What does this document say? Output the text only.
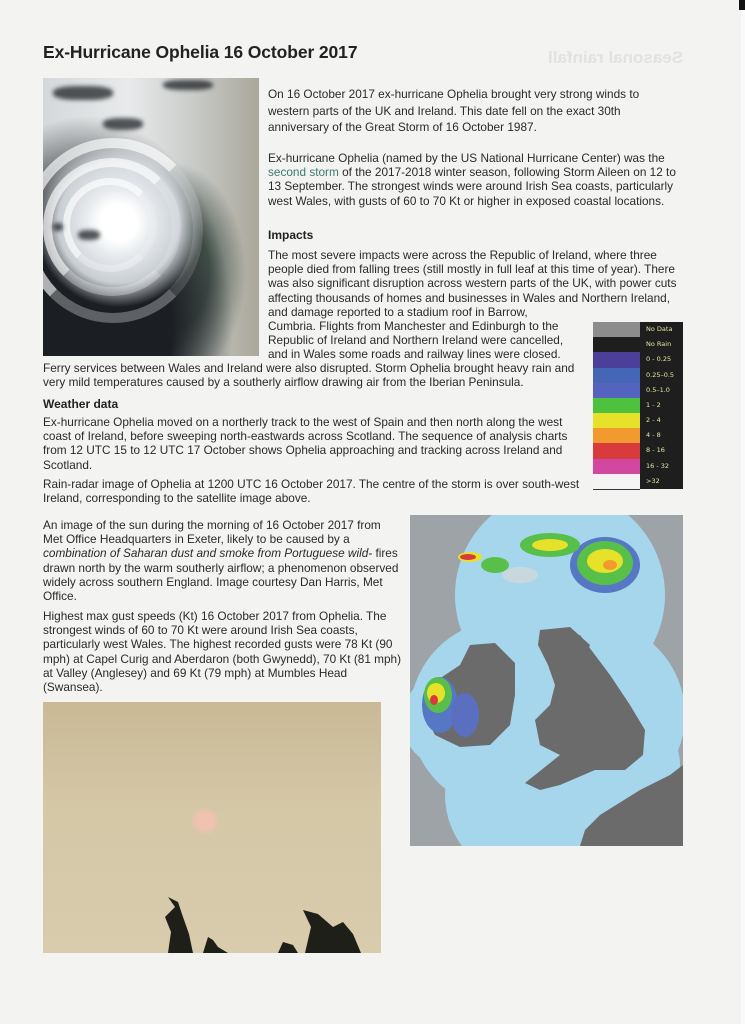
Seasonal rainfall
Ex-Hurricane Ophelia 16 October 2017

On 16 October 2017 ex-hurricane Ophelia brought very strong winds to western parts of the UK and Ireland. This date fell on the exact 30th anniversary of the Great Storm of 16 October 1987.

Ex-hurricane Ophelia (named by the US National Hurricane Center) was the second storm of the 2017-2018 winter season, following Storm Aileen on 12 to 13 September. The strongest winds were around Irish Sea coasts, particularly west Wales, with gusts of 60 to 70 Kt or higher in exposed coastal locations.

Impacts

The most severe impacts were across the Republic of Ireland, where three people died from falling trees (still mostly in full leaf at this time of year). There was also significant disruption across western parts of the UK, with power cuts affecting thousands of homes and businesses in Wales and Northern Ireland, and damage reported to a stadium roof in Barrow,

Cumbria. Flights from Manchester and Edinburgh to the Republic of Ireland and Northern Ireland were cancelled, and in Wales some roads and railway lines were closed.

Ferry services between Wales and Ireland were also disrupted. Storm Ophelia brought heavy rain and very mild temperatures caused by a southerly airflow drawing air from the Iberian Peninsula.

Weather data

Ex-hurricane Ophelia moved on a northerly track to the west of Spain and then north along the west coast of Ireland, before sweeping north-eastwards across Scotland. The sequence of analysis charts from 12 UTC 15 to 12 UTC 17 October shows Ophelia approaching and tracking across Ireland and Scotland.

Rain-radar image of Ophelia at 1200 UTC 16 October 2017. The centre of the storm is over south-west Ireland, corresponding to the satellite image above.

No Data
No Rain
0 - 0.25
0.25–0.5
0.5–1.0
1 - 2
2 - 4
4 - 8
8 - 16
16 - 32
>32

An image of the sun during the morning of 16 October 2017 from Met Office Headquarters in Exeter, likely to be caused by a combination of Saharan dust and smoke from Portuguese wild- fires drawn north by the warm southerly airflow; a phenomenon observed widely across southern England. Image courtesy Dan Harris, Met Office.

Highest max gust speeds (Kt) 16 October 2017 from Ophelia. The strongest winds of 60 to 70 Kt were around Irish Sea coasts, particularly west Wales. The highest recorded gusts were 78 Kt (90 mph) at Capel Curig and Aberdaron (both Gwynedd), 70 Kt (81 mph) at Valley (Anglesey) and 69 Kt (79 mph) at Mumbles Head (Swansea).
